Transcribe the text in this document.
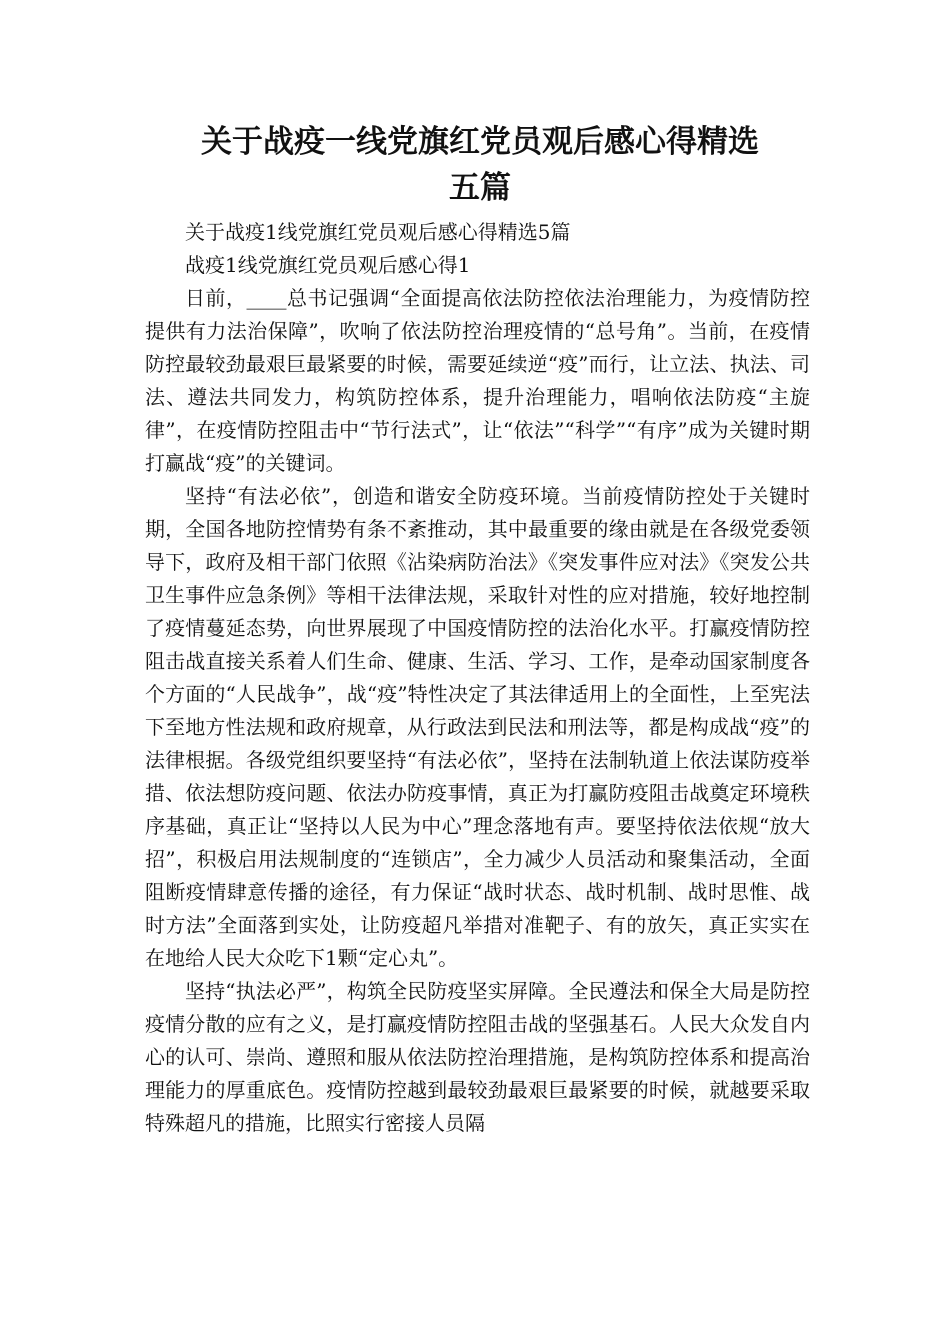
关于战疫一线党旗红党员观后感心得精选
五篇

关于战疫1线党旗红党员观后感心得精选5篇

战疫1线党旗红党员观后感心得1

日前，____总书记强调“全面提高依法防控依法治理能力，为疫情防控提供有力法治保障”，吹响了依法防控治理疫情的“总号角”。当前，在疫情防控最较劲最艰巨最紧要的时候，需要延续逆“疫”而行，让立法、执法、司法、遵法共同发力，构筑防控体系，提升治理能力，唱响依法防疫“主旋律”，在疫情防控阻击中“节行法式”，让“依法”“科学”“有序”成为关键时期打赢战“疫”的关键词。

坚持“有法必依”，创造和谐安全防疫环境。当前疫情防控处于关键时期，全国各地防控情势有条不紊推动，其中最重要的缘由就是在各级党委领导下，政府及相干部门依照《沾染病防治法》《突发事件应对法》《突发公共卫生事件应急条例》等相干法律法规，采取针对性的应对措施，较好地控制了疫情蔓延态势，向世界展现了中国疫情防控的法治化水平。打赢疫情防控阻击战直接关系着人们生命、健康、生活、学习、工作，是牵动国家制度各个方面的“人民战争”，战“疫”特性决定了其法律适用上的全面性，上至宪法下至地方性法规和政府规章，从行政法到民法和刑法等，都是构成战“疫”的法律根据。各级党组织要坚持“有法必依”，坚持在法制轨道上依法谋防疫举措、依法想防疫问题、依法办防疫事情，真正为打赢防疫阻击战奠定环境秩序基础，真正让“坚持以人民为中心”理念落地有声。要坚持依法依规“放大招”，积极启用法规制度的“连锁店”，全力减少人员活动和聚集活动，全面阻断疫情肆意传播的途径，有力保证“战时状态、战时机制、战时思惟、战时方法”全面落到实处，让防疫超凡举措对准靶子、有的放矢，真正实实在在地给人民大众吃下1颗“定心丸”。

坚持“执法必严”，构筑全民防疫坚实屏障。全民遵法和保全大局是防控疫情分散的应有之义，是打赢疫情防控阻击战的坚强基石。人民大众发自内心的认可、崇尚、遵照和服从依法防控治理措施，是构筑防控体系和提高治理能力的厚重底色。疫情防控越到最较劲最艰巨最紧要的时候，就越要采取特殊超凡的措施，比照实行密接人员隔
